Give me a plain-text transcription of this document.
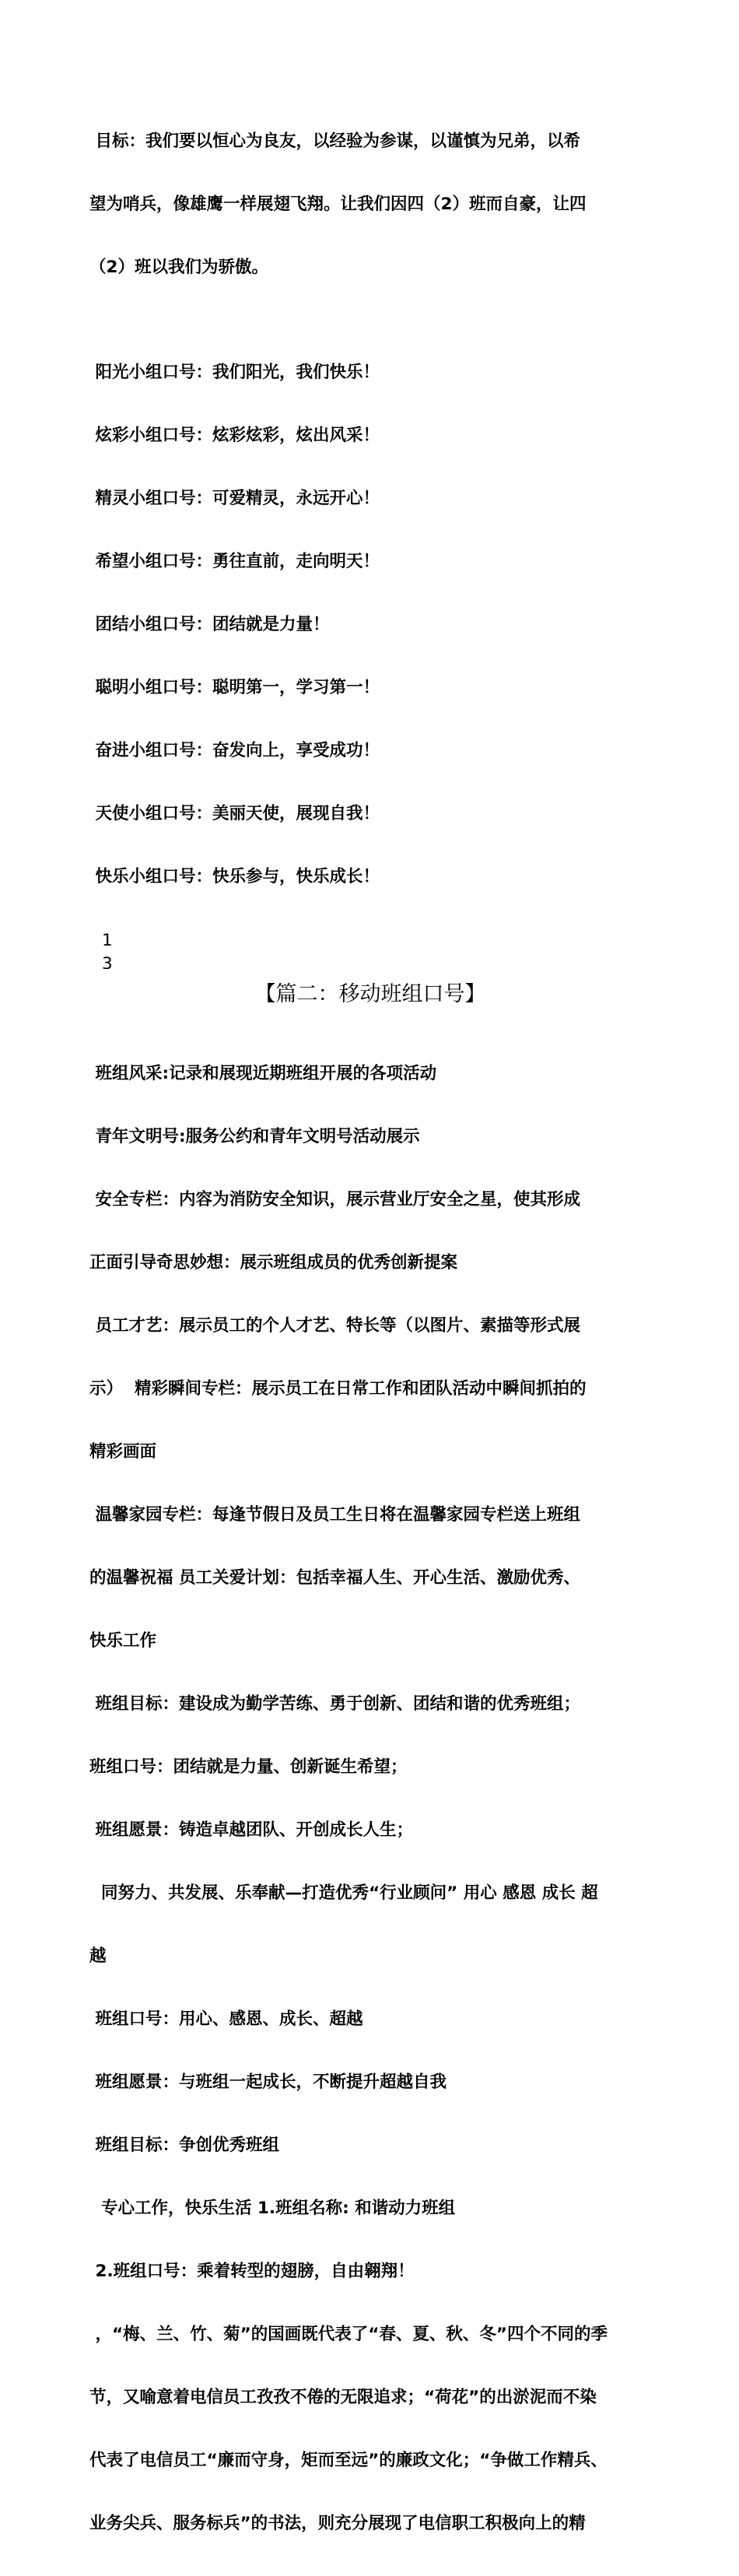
目标：我们要以恒心为良友，以经验为参谋，以谨慎为兄弟，以希

望为哨兵，像雄鹰一样展翅飞翔。让我们因四（2）班而自豪，让四

（2）班以我们为骄傲。

阳光小组口号：我们阳光，我们快乐！

炫彩小组口号：炫彩炫彩，炫出风采！

精灵小组口号：可爱精灵，永远开心！

希望小组口号：勇往直前，走向明天！

团结小组口号：团结就是力量！

聪明小组口号：聪明第一，学习第一！

奋进小组口号：奋发向上，享受成功！

天使小组口号：美丽天使，展现自我！

快乐小组口号：快乐参与，快乐成长！

1
3
【篇二：移动班组口号】

班组风采:记录和展现近期班组开展的各项活动

青年文明号:服务公约和青年文明号活动展示

安全专栏：内容为消防安全知识，展示营业厅安全之星，使其形成

正面引导奇思妙想：展示班组成员的优秀创新提案

员工才艺：展示员工的个人才艺、特长等（以图片、素描等形式展

示）  精彩瞬间专栏：展示员工在日常工作和团队活动中瞬间抓拍的

精彩画面

温馨家园专栏：每逢节假日及员工生日将在温馨家园专栏送上班组

的温馨祝福 员工关爱计划：包括幸福人生、开心生活、激励优秀、

快乐工作

班组目标：建设成为勤学苦练、勇于创新、团结和谐的优秀班组；

班组口号：团结就是力量、创新诞生希望；

班组愿景：铸造卓越团队、开创成长人生；

同努力、共发展、乐奉献—打造优秀“行业顾问” 用心 感恩 成长 超

越

班组口号：用心、感恩、成长、超越

班组愿景：与班组一起成长，不断提升超越自我

班组目标：争创优秀班组

专心工作，快乐生活 1.班组名称: 和谐动力班组

2.班组口号：乘着转型的翅膀，自由翱翔！

，“梅、兰、竹、菊”的国画既代表了“春、夏、秋、冬”四个不同的季

节，又喻意着电信员工孜孜不倦的无限追求；“荷花”的出淤泥而不染

代表了电信员工“廉而守身，矩而至远”的廉政文化；“争做工作精兵、

业务尖兵、服务标兵”的书法，则充分展现了电信职工积极向上的精
